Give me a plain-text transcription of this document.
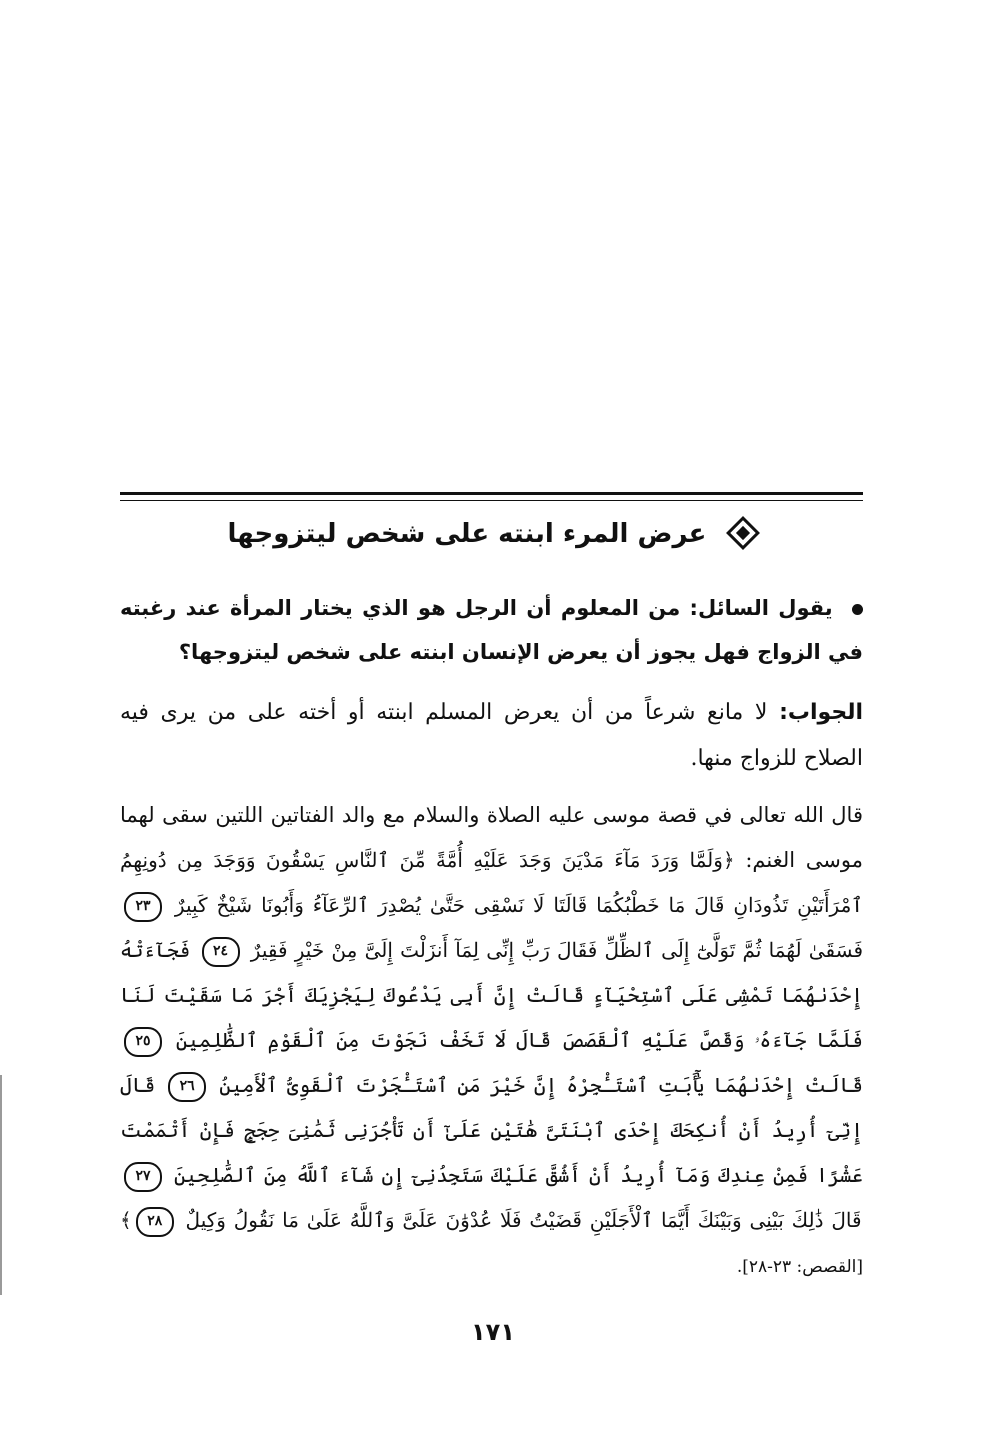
عرض المرء ابنته على شخص ليتزوجها
يقول السائل: من المعلوم أن الرجل هو الذي يختار المرأة عند رغبته في الزواج فهل يجوز أن يعرض الإنسان ابنته على شخص ليتزوجها؟
الجواب: لا مانع شرعاً من أن يعرض المسلم ابنته أو أخته على من يرى فيه الصلاح للزواج منها.
قال الله تعالى في قصة موسى عليه الصلاة والسلام مع والد الفتاتين اللتين سقى لهما موسى الغنم: ﴿وَلَمَّا وَرَدَ مَآءَ مَدْيَنَ وَجَدَ عَلَيْهِ أُمَّةً مِّنَ ٱلنَّاسِ يَسْقُونَ وَوَجَدَ مِن دُونِهِمُ ٱمْرَأَتَيْنِ تَذُودَانِ قَالَ مَا خَطْبُكُمَا قَالَتَا لَا نَسْقِى حَتَّىٰ يُصْدِرَ ٱلرِّعَآءُ وَأَبُونَا شَيْخٌ كَبِيرٌ ٢٣ فَسَقَىٰ لَهُمَا ثُمَّ تَوَلَّىٰٓ إِلَى ٱلظِّلِّ فَقَالَ رَبِّ إِنِّى لِمَآ أَنزَلْتَ إِلَىَّ مِنْ خَيْرٍ فَقِيرٌ ٢٤ فَجَآءَتْهُ إِحْدَىٰهُمَا تَمْشِى عَلَى ٱسْتِحْيَآءٍ قَالَتْ إِنَّ أَبِى يَدْعُوكَ لِيَجْزِيَكَ أَجْرَ مَا سَقَيْتَ لَنَا فَلَمَّا جَآءَهُۥ وَقَصَّ عَلَيْهِ ٱلْقَصَصَ قَالَ لَا تَخَفْ نَجَوْتَ مِنَ ٱلْقَوْمِ ٱلظَّٰلِمِينَ ٢٥ قَالَتْ إِحْدَىٰهُمَا يَٰٓأَبَتِ ٱسْتَـْٔجِرْهُ إِنَّ خَيْرَ مَنِ ٱسْتَـْٔجَرْتَ ٱلْقَوِىُّ ٱلْأَمِينُ ٢٦ قَالَ إِنِّىٓ أُرِيدُ أَنْ أُنكِحَكَ إِحْدَى ٱبْنَتَىَّ هَٰتَيْنِ عَلَىٰٓ أَن تَأْجُرَنِى ثَمَٰنِىَ حِجَجٍ فَإِنْ أَتْمَمْتَ عَشْرًا فَمِنْ عِندِكَ وَمَآ أُرِيدُ أَنْ أَشُقَّ عَلَيْكَ سَتَجِدُنِىٓ إِن شَآءَ ٱللَّهُ مِنَ ٱلصَّٰلِحِينَ ٢٧ قَالَ ذَٰلِكَ بَيْنِى وَبَيْنَكَ أَيَّمَا ٱلْأَجَلَيْنِ قَضَيْتُ فَلَا عُدْوَٰنَ عَلَىَّ وَٱللَّهُ عَلَىٰ مَا نَقُولُ وَكِيلٌ ٢٨﴾ [القصص: ٢٣-٢٨].
١٧١
